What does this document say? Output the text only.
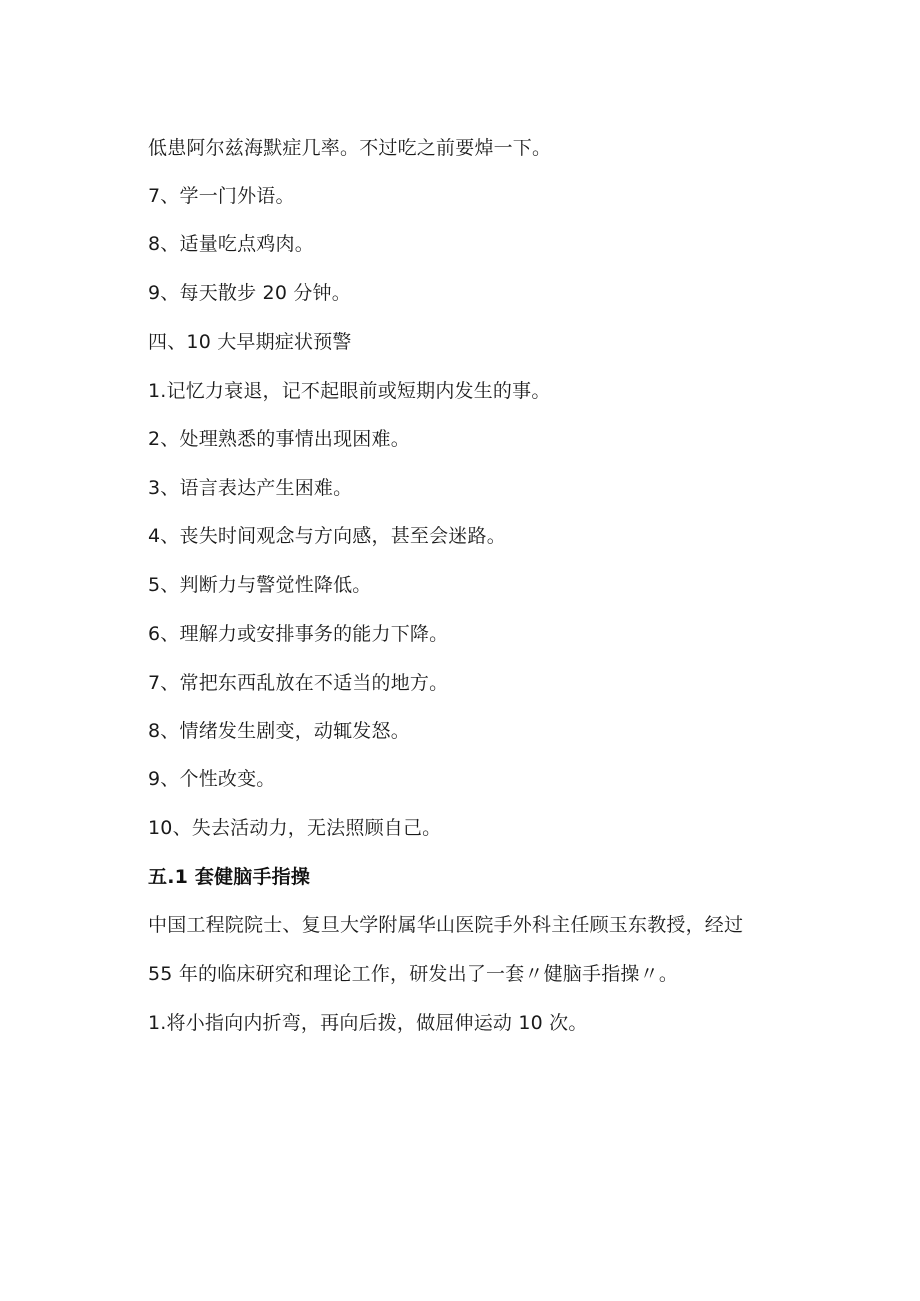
低患阿尔兹海默症几率。不过吃之前要焯一下。

7、学一门外语。

8、适量吃点鸡肉。

9、每天散步 20 分钟。

四、10 大早期症状预警

1.记忆力衰退，记不起眼前或短期内发生的事。

2、处理熟悉的事情出现困难。

3、语言表达产生困难。

4、丧失时间观念与方向感，甚至会迷路。

5、判断力与警觉性降低。

6、理解力或安排事务的能力下降。

7、常把东西乱放在不适当的地方。

8、情绪发生剧变，动辄发怒。

9、个性改变。

10、失去活动力，无法照顾自己。

五.1 套健脑手指操

中国工程院院士、复旦大学附属华山医院手外科主任顾玉东教授，经过

55 年的临床研究和理论工作，研发出了一套〃健脑手指操〃。

1.将小指向内折弯，再向后拨，做屈伸运动 10 次。
